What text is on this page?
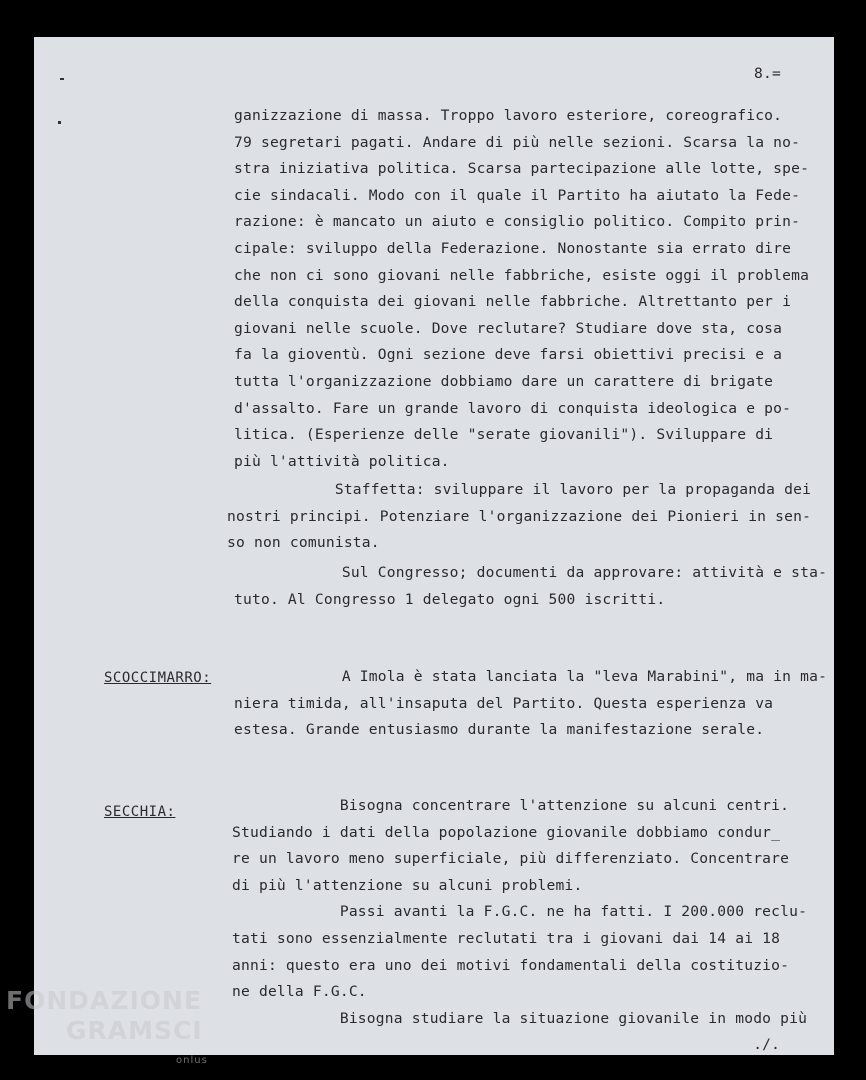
8.=
ganizzazione di massa. Troppo lavoro esteriore, coreografico.
79 segretari pagati. Andare di più nelle sezioni. Scarsa la no-
stra iniziativa politica. Scarsa partecipazione alle lotte, spe-
cie sindacali. Modo con il quale il Partito ha aiutato la Fede-
razione: è mancato un aiuto e consiglio politico. Compito prin-
cipale: sviluppo della Federazione. Nonostante sia errato dire
che non ci sono giovani nelle fabbriche, esiste oggi il problema
della conquista dei giovani nelle fabbriche. Altrettanto per i
giovani nelle scuole. Dove reclutare? Studiare dove sta, cosa
fa la gioventù. Ogni sezione deve farsi obiettivi precisi e a
tutta l'organizzazione dobbiamo dare un carattere di brigate
d'assalto. Fare un grande lavoro di conquista ideologica e po-
litica. (Esperienze delle "serate giovanili"). Sviluppare di
più l'attività politica.
Staffetta: sviluppare il lavoro per la propaganda dei
nostri principi. Potenziare l'organizzazione dei Pionieri in sen-
so non comunista.
Sul Congresso; documenti da approvare: attività e sta-
tuto. Al Congresso 1 delegato ogni 500 iscritti.
SCOCCIMARRO: A Imola è stata lanciata la "leva Marabini", ma in ma-
niera timida, all'insaputa del Partito. Questa esperienza va
estesa. Grande entusiasmo durante la manifestazione serale.
SECCHIA:	Bisogna concentrare l'attenzione su alcuni centri.
Studiando i dati della popolazione giovanile dobbiamo condur_
re un lavoro meno superficiale, più differenziato. Concentrare
di più l'attenzione su alcuni problemi.
Passi avanti la F.G.C. ne ha fatti. I 200.000 reclu-
tati sono essenzialmente reclutati tra i giovani dai 14 ai 18
anni: questo era uno dei motivi fondamentali della costituzio-
ne della F.G.C.
Bisogna studiare la situazione giovanile in modo più
./.
FONDAZIONE
GRAMSCI
onlus
